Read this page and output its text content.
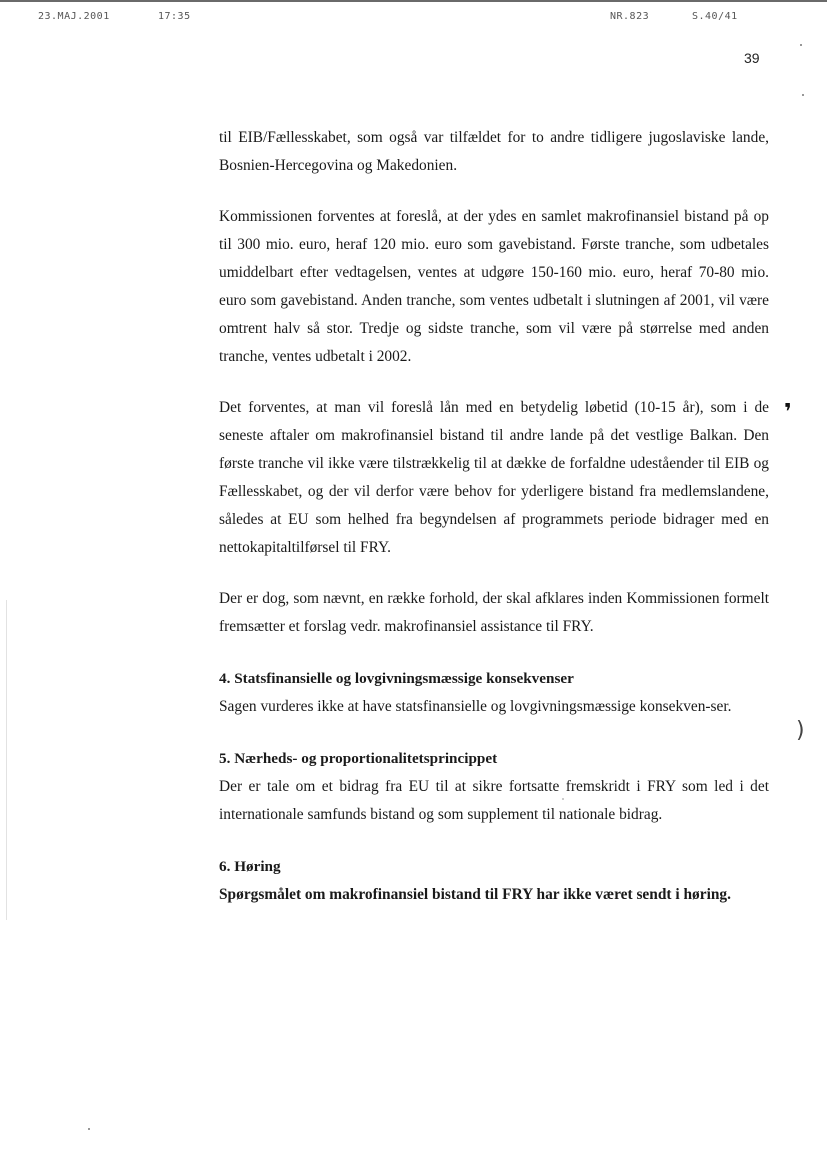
23.MAJ.2001	17:35	NR.823	S.40/41
39

til EIB/Fællesskabet, som også var tilfældet for to andre tidligere jugoslaviske lande, Bosnien-Hercegovina og Makedonien.

Kommissionen forventes at foreslå, at der ydes en samlet makrofinansiel bistand på op til 300 mio. euro, heraf 120 mio. euro som gavebistand. Første tranche, som udbetales umiddelbart efter vedtagelsen, ventes at udgøre 150-160 mio. euro, heraf 70-80 mio. euro som gavebistand. Anden tranche, som ventes udbetalt i slutningen af 2001, vil være omtrent halv så stor. Tredje og sidste tranche, som vil være på størrelse med anden tranche, ventes udbetalt i 2002.

Det forventes, at man vil foreslå lån med en betydelig løbetid (10-15 år), som i de seneste aftaler om makrofinansiel bistand til andre lande på det vestlige Balkan. Den første tranche vil ikke være tilstrækkelig til at dække de forfaldne udeståender til EIB og Fællesskabet, og der vil derfor være behov for yderligere bistand fra medlemslandene, således at EU som helhed fra begyndelsen af programmets periode bidrager med en nettokapitaltilførsel til FRY.

Der er dog, som nævnt, en række forhold, der skal afklares inden Kommissionen formelt fremsætter et forslag vedr. makrofinansiel assistance til FRY.

4. Statsfinansielle og lovgivningsmæssige konsekvenser

Sagen vurderes ikke at have statsfinansielle og lovgivningsmæssige konsekven-ser.

5. Nærheds- og proportionalitetsprincippet

Der er tale om et bidrag fra EU til at sikre fortsatte fremskridt i FRY som led i det internationale samfunds bistand og som supplement til nationale bidrag.

6. Høring

Spørgsmålet om makrofinansiel bistand til FRY har ikke været sendt i høring.

❜
)
